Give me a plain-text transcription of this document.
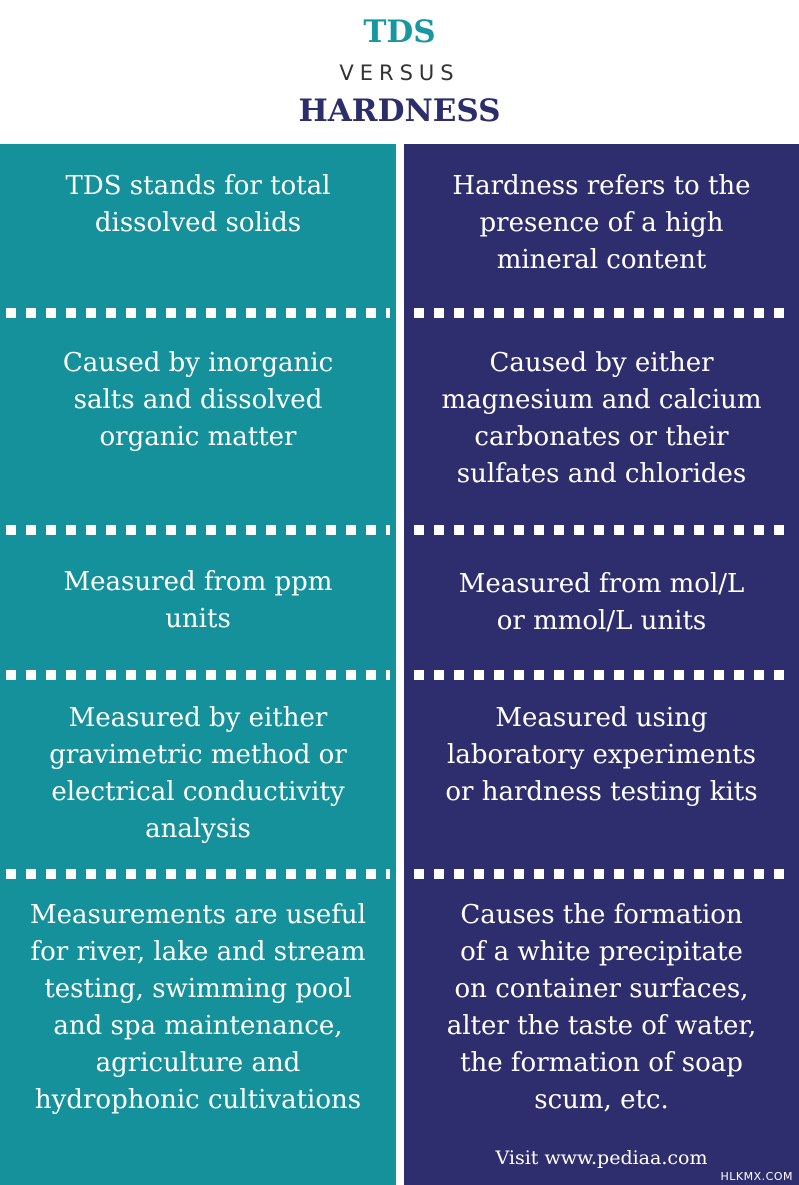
TDS
VERSUS
HARDNESS
TDS stands for total
dissolved solids
Hardness refers to the
presence of a high
mineral content
Caused by inorganic
salts and dissolved
organic matter
Caused by either
magnesium and calcium
carbonates or their
sulfates and chlorides
Measured from ppm
units
Measured from mol/L
or mmol/L units
Measured by either
gravimetric method or
electrical conductivity
analysis
Measured using
laboratory experiments
or hardness testing kits
Measurements are useful
for river, lake and stream
testing, swimming pool
and spa maintenance,
agriculture and
hydrophonic cultivations
Causes the formation
of a white precipitate
on container surfaces,
alter the taste of water,
the formation of soap
scum, etc.
Visit www.pediaa.com
HLKMX.COM
